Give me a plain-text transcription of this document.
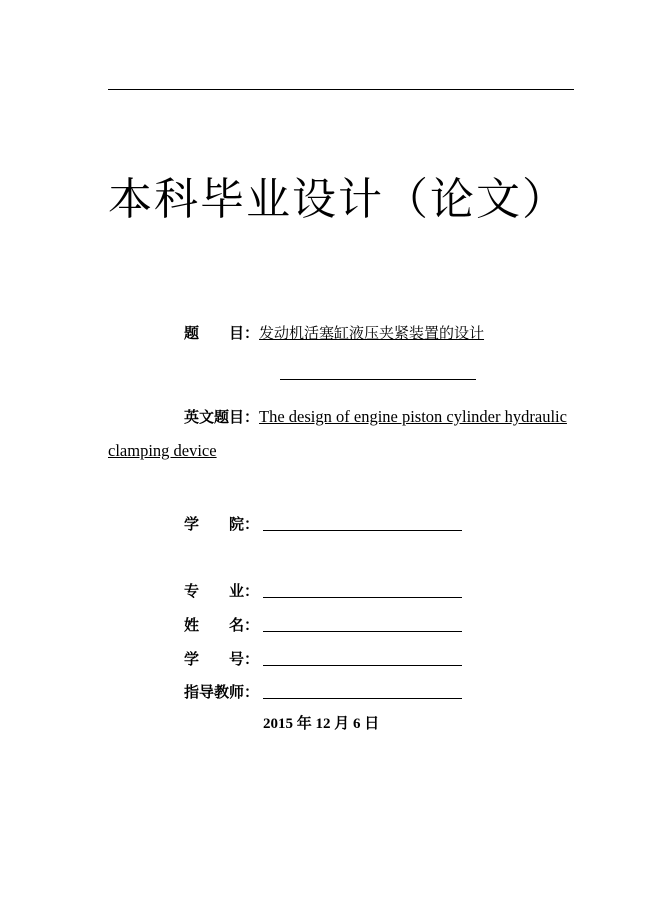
本科毕业设计（论文）
题　　目：发动机活塞缸液压夹紧装置的设计
英文题目：The design of engine piston cylinder hydraulic
clamping device
学　　院：
专　　业：
姓　　名：
学　　号：
指导教师：
2015 年 12 月 6 日
